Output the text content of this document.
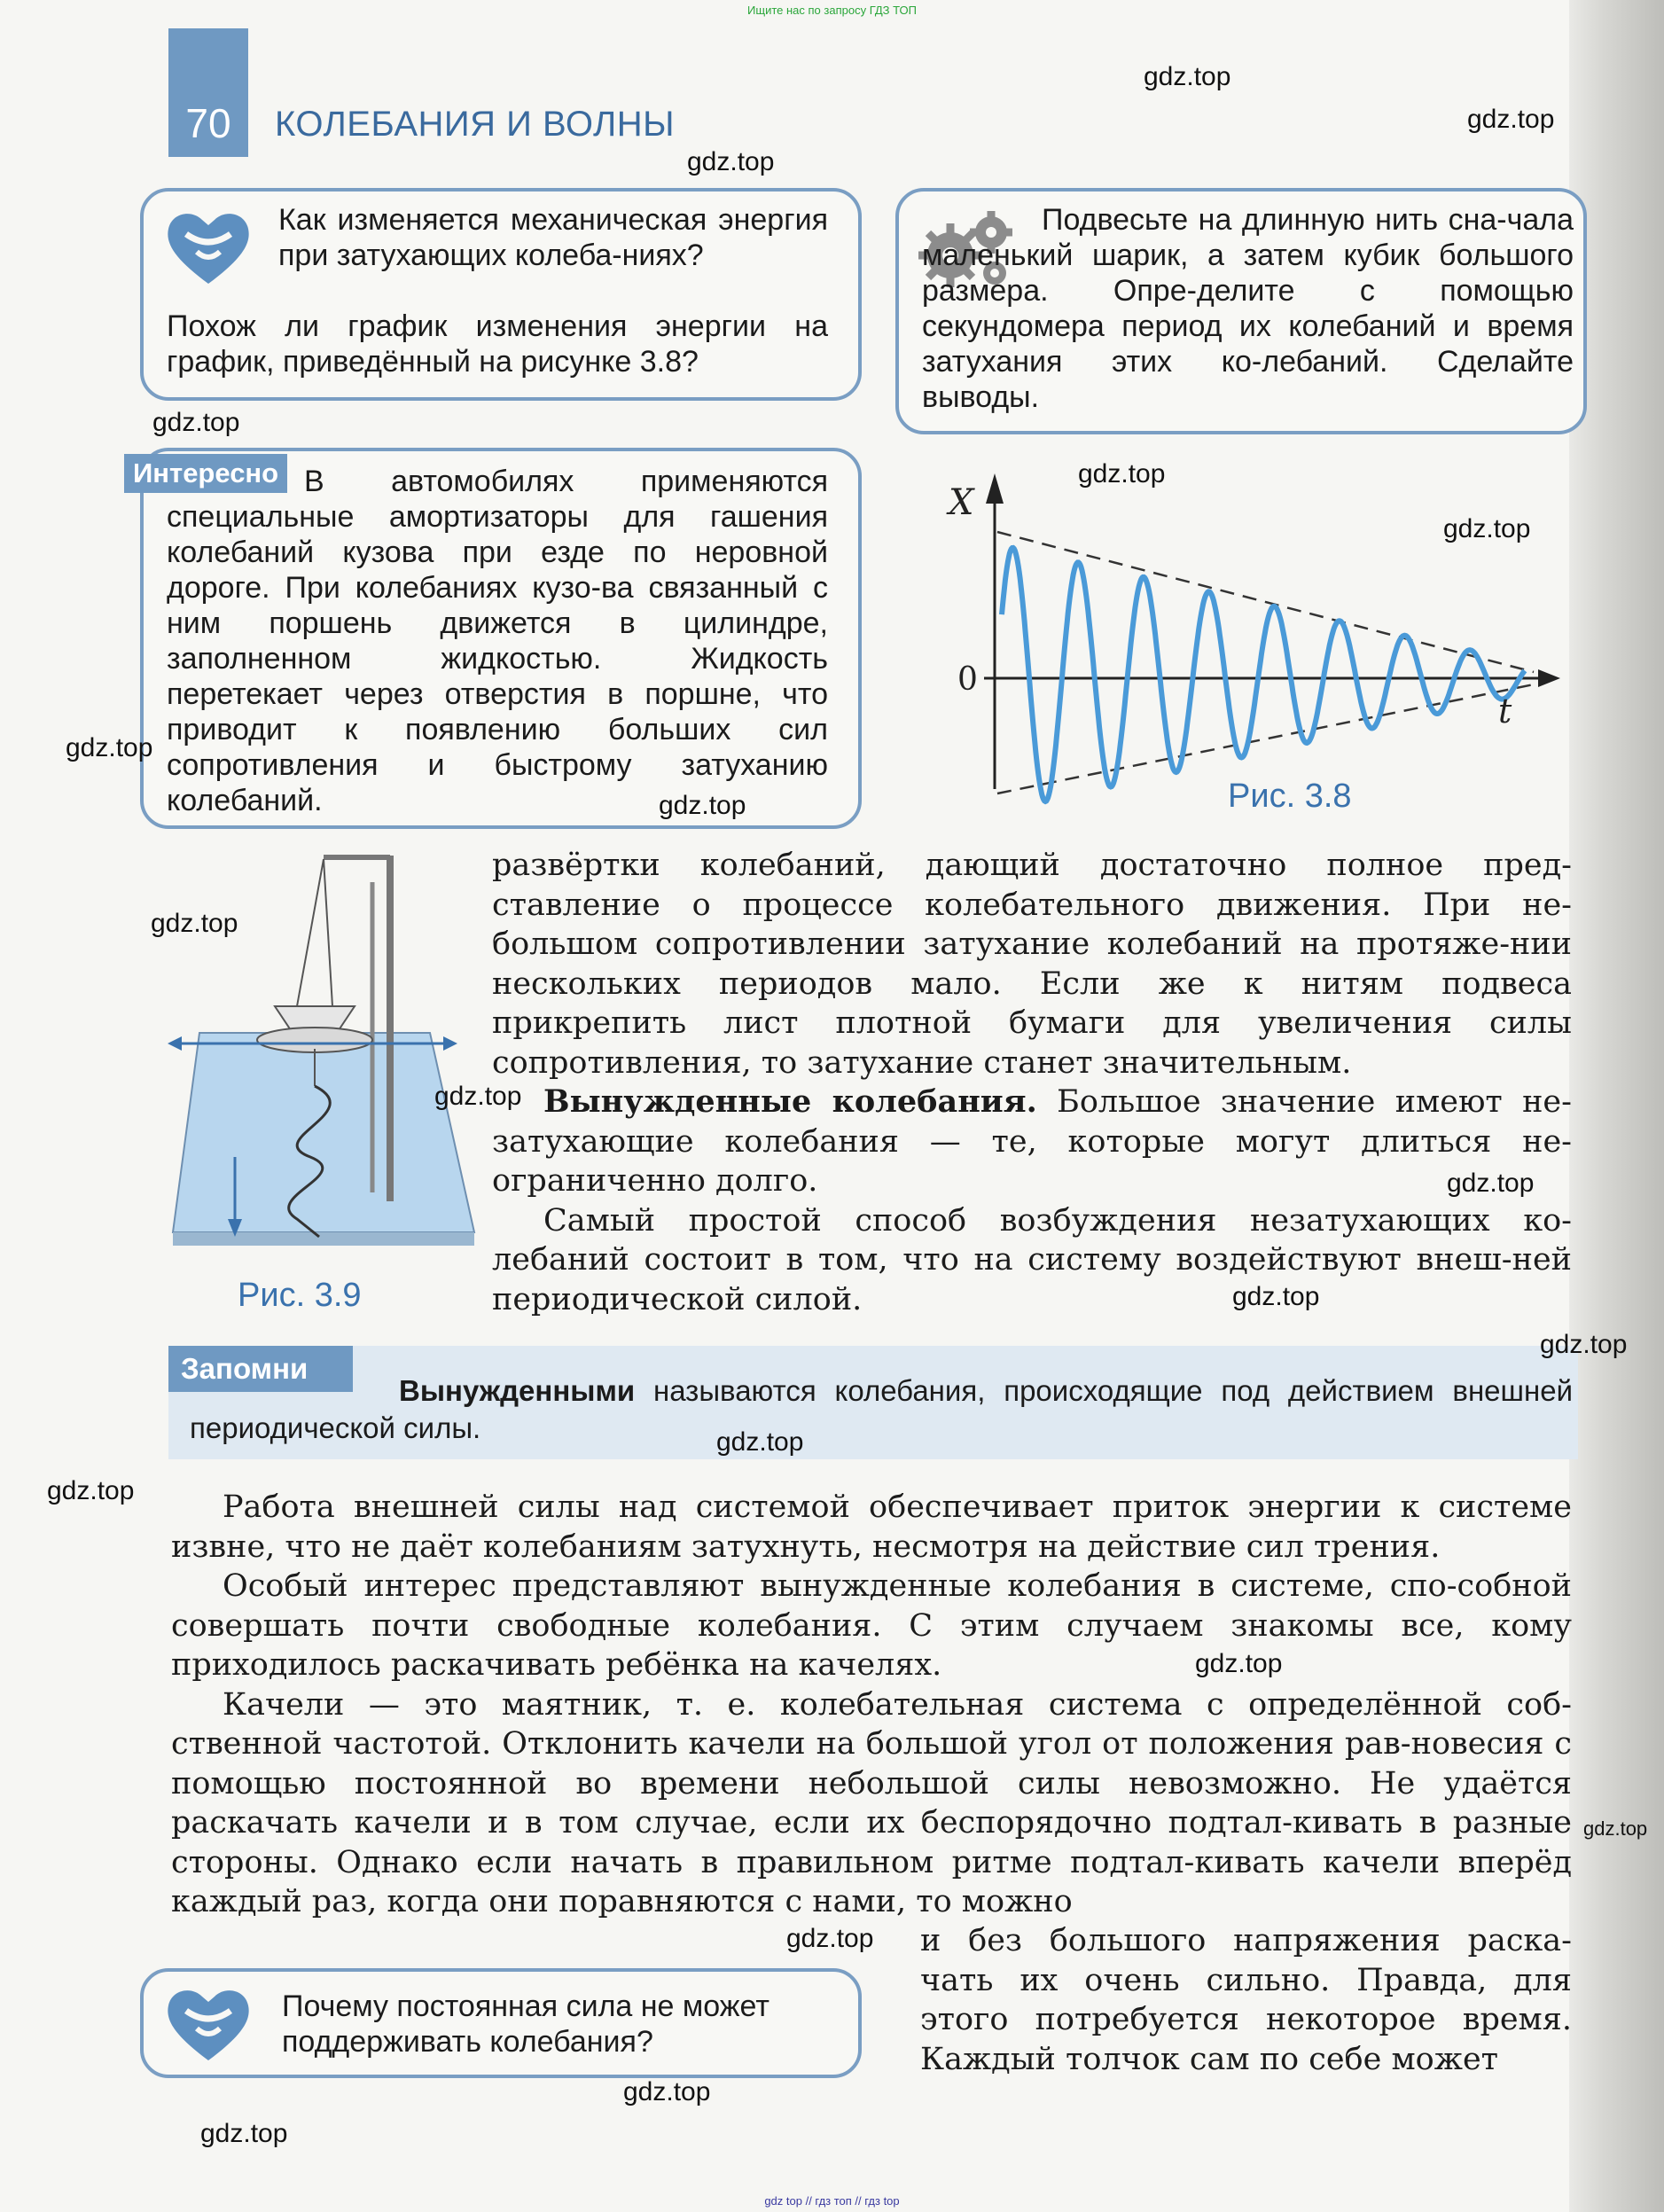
Ищите нас по запросу ГДЗ ТОП
gdz top // гдз топ // гдз top
70	КОЛЕБАНИЯ И ВОЛНЫ
Как изменяется механическая энергия при затухающих колеба-ниях?
Похож ли график изменения энергии на график, приведённый на рисунке 3.8?
Подвесьте на длинную нить сна-чала маленький шарик, а затем кубик большого размера. Опре-делите с помощью секундомера период их колебаний и время затухания этих ко-лебаний. Сделайте выводы.
Интересно В автомобилях применяются специальные амортизаторы для гашения колебаний кузова при езде по неровной дороге. При колебаниях кузо-ва связанный с ним поршень движется в цилиндре, заполненном жидкостью. Жидкость перетекает через отверстия в поршне, что приводит к появлению больших сил сопротивления и быстрому затуханию колебаний.
X
t
0
Рис. 3.8
Рис. 3.9

развёртки колебаний, дающий достаточно полное пред-ставление о процессе колебательного движения. При не-большом сопротивлении затухание колебаний на протяже-нии нескольких периодов мало. Если же к нитям подвеса прикрепить лист плотной бумаги для увеличения силы сопротивления, то затухание станет значительным.

Вынужденные колебания. Большое значение имеют не-затухающие колебания — те, которые могут длиться не-ограниченно долго.

Самый простой способ возбуждения незатухающих ко-лебаний состоит в том, что на систему воздействуют внеш-ней периодической силой.

Запомни
Вынужденными называются колебания, происходящие под действием внешней периодической силы.

Работа внешней силы над системой обеспечивает приток энергии к системе извне, что не даёт колебаниям затухнуть, несмотря на действие сил трения.

Особый интерес представляют вынужденные колебания в системе, спо-собной совершать почти свободные колебания. С этим случаем знакомы все, кому приходилось раскачивать ребёнка на качелях.

Качели — это маятник, т. е. колебательная система с определённой соб-ственной частотой. Отклонить качели на большой угол от положения рав-новесия с помощью постоянной во времени небольшой силы невозможно. Не удаётся раскачать качели и в том случае, если их беспорядочно подтал-кивать в разные стороны. Однако если начать в правильном ритме подтал-кивать качели вперёд каждый раз, когда они поравняются с нами, то можно

и без большого напряжения раска-чать их очень сильно. Правда, для этого потребуется некоторое время. Каждый толчок сам по себе может
Почему постоянная сила не может поддерживать колебания?
gdz.top
gdz.top
gdz.top
gdz.top
gdz.top
gdz.top
gdz.top
gdz.top
gdz.top
gdz.top
gdz.top
gdz.top
gdz.top
gdz.top
gdz.top
gdz.top
gdz.top
gdz.top
gdz.top
gdz.top
